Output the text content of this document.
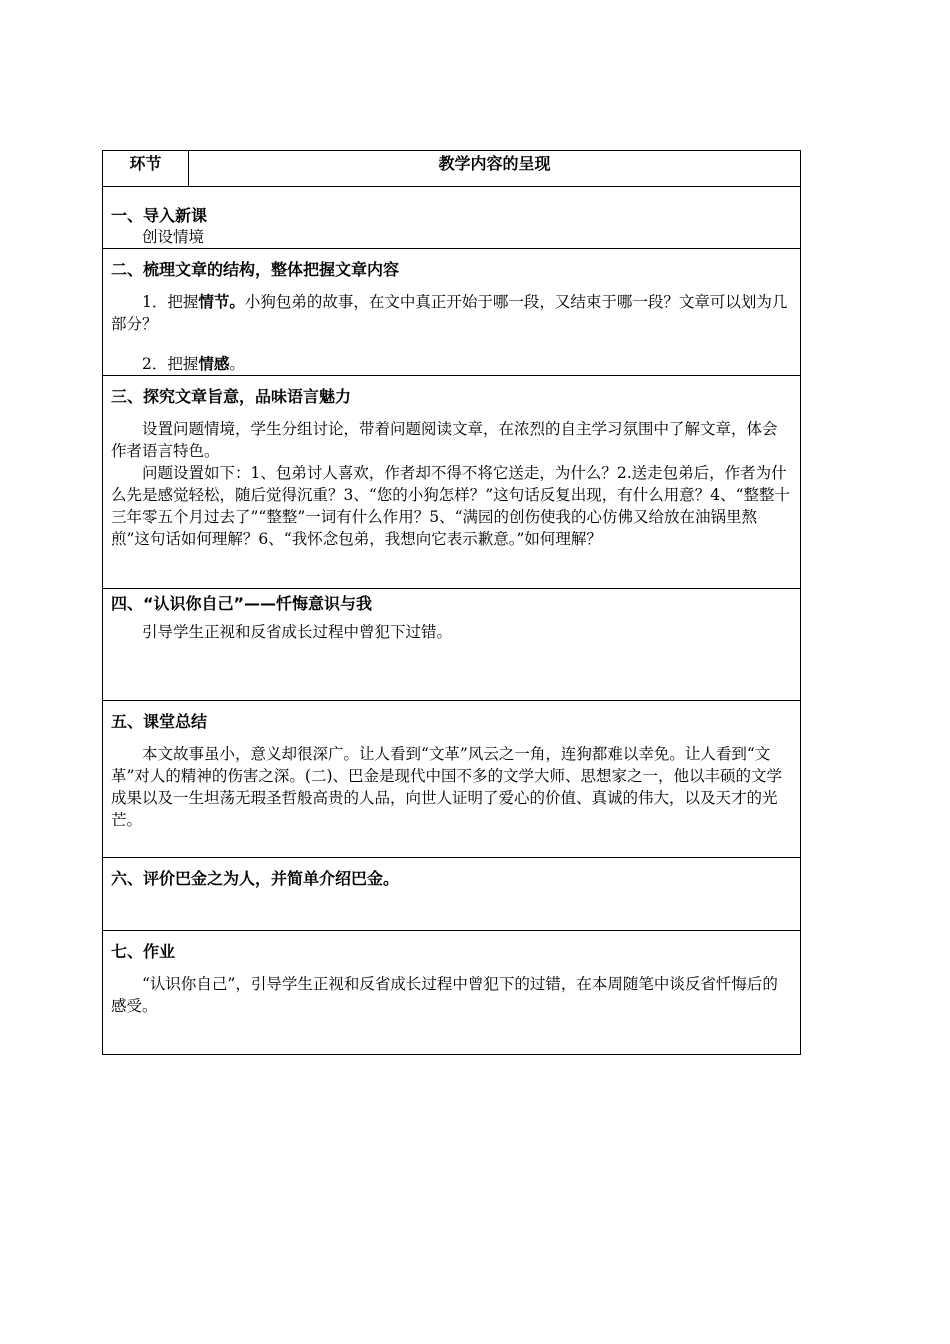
环节	教学内容的呈现

一、导入新课
创设情境

二、梳理文章的结构，整体把握文章内容

1．把握情节。小狗包弟的故事，在文中真正开始于哪一段，又结束于哪一段？文章可以划为几部分？

2．把握情感。

三、探究文章旨意，品味语言魅力

设置问题情境，学生分组讨论，带着问题阅读文章，在浓烈的自主学习氛围中了解文章，体会作者语言特色。

问题设置如下：1、包弟讨人喜欢，作者却不得不将它送走，为什么？2.送走包弟后，作者为什么先是感觉轻松，随后觉得沉重？3、“您的小狗怎样？”这句话反复出现，有什么用意？4、“整整十三年零五个月过去了”“整整”一词有什么作用？5、“满园的创伤使我的心仿佛又给放在油锅里熬煎”这句话如何理解？6、“我怀念包弟，我想向它表示歉意。”如何理解？

四、“认识你自己”——忏悔意识与我

引导学生正视和反省成长过程中曾犯下过错。

五、课堂总结

本文故事虽小，意义却很深广。让人看到“文革”风云之一角，连狗都难以幸免。让人看到“文革”对人的精神的伤害之深。(二)、巴金是现代中国不多的文学大师、思想家之一，他以丰硕的文学成果以及一生坦荡无瑕圣哲般高贵的人品，向世人证明了爱心的价值、真诚的伟大，以及天才的光芒。

六、评价巴金之为人，并简单介绍巴金。

七、作业

“认识你自己”，引导学生正视和反省成长过程中曾犯下的过错，在本周随笔中谈反省忏悔后的感受。
